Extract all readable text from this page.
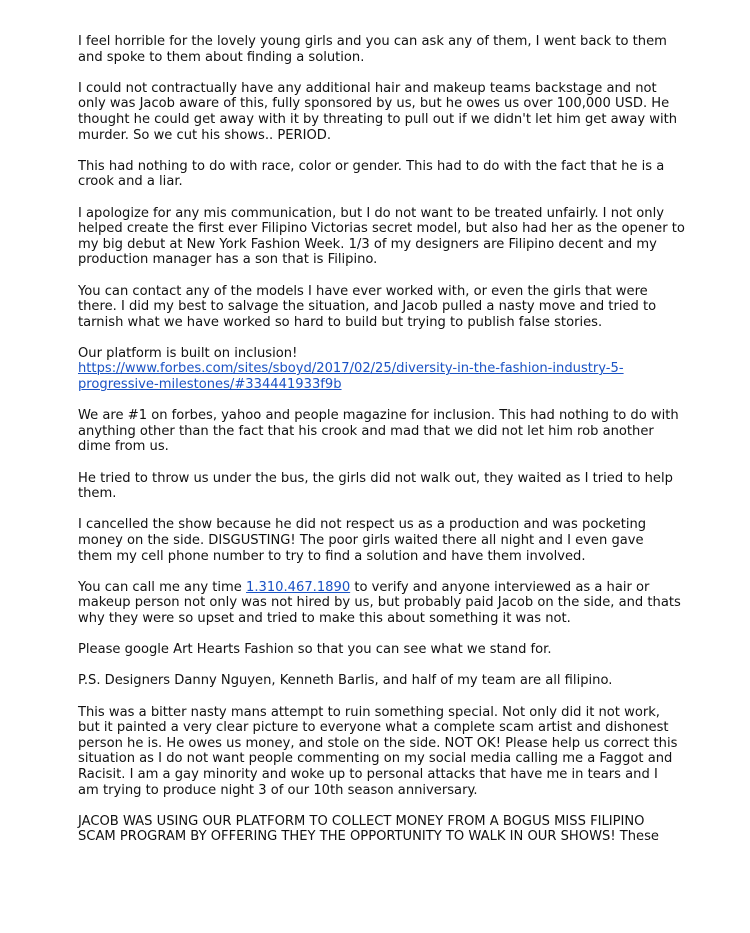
I feel horrible for the lovely young girls and you can ask any of them, I went back to them
and spoke to them about finding a solution.

I could not contractually have any additional hair and makeup teams backstage and not
only was Jacob aware of this, fully sponsored by us, but he owes us over 100,000 USD. He
thought he could get away with it by threating to pull out if we didn't let him get away with
murder. So we cut his shows.. PERIOD.

This had nothing to do with race, color or gender. This had to do with the fact that he is a
crook and a liar.

I apologize for any mis communication, but I do not want to be treated unfairly. I not only
helped create the first ever Filipino Victorias secret model, but also had her as the opener to
my big debut at New York Fashion Week. 1/3 of my designers are Filipino decent and my
production manager has a son that is Filipino.

You can contact any of the models I have ever worked with, or even the girls that were
there. I did my best to salvage the situation, and Jacob pulled a nasty move and tried to
tarnish what we have worked so hard to build but trying to publish false stories.

Our platform is built on inclusion!
https://www.forbes.com/sites/sboyd/2017/02/25/diversity-in-the-fashion-industry-5-
progressive-milestones/#334441933f9b

We are #1 on forbes, yahoo and people magazine for inclusion. This had nothing to do with
anything other than the fact that his crook and mad that we did not let him rob another
dime from us.

He tried to throw us under the bus, the girls did not walk out, they waited as I tried to help
them.

I cancelled the show because he did not respect us as a production and was pocketing
money on the side. DISGUSTING! The poor girls waited there all night and I even gave
them my cell phone number to try to find a solution and have them involved.

You can call me any time 1.310.467.1890 to verify and anyone interviewed as a hair or
makeup person not only was not hired by us, but probably paid Jacob on the side, and thats
why they were so upset and tried to make this about something it was not.

Please google Art Hearts Fashion so that you can see what we stand for.

P.S. Designers Danny Nguyen, Kenneth Barlis, and half of my team are all filipino.

This was a bitter nasty mans attempt to ruin something special. Not only did it not work,
but it painted a very clear picture to everyone what a complete scam artist and dishonest
person he is. He owes us money, and stole on the side. NOT OK! Please help us correct this
situation as I do not want people commenting on my social media calling me a Faggot and
Racisit. I am a gay minority and woke up to personal attacks that have me in tears and I
am trying to produce night 3 of our 10th season anniversary.

JACOB WAS USING OUR PLATFORM TO COLLECT MONEY FROM A BOGUS MISS FILIPINO
SCAM PROGRAM BY OFFERING THEY THE OPPORTUNITY TO WALK IN OUR SHOWS! These
